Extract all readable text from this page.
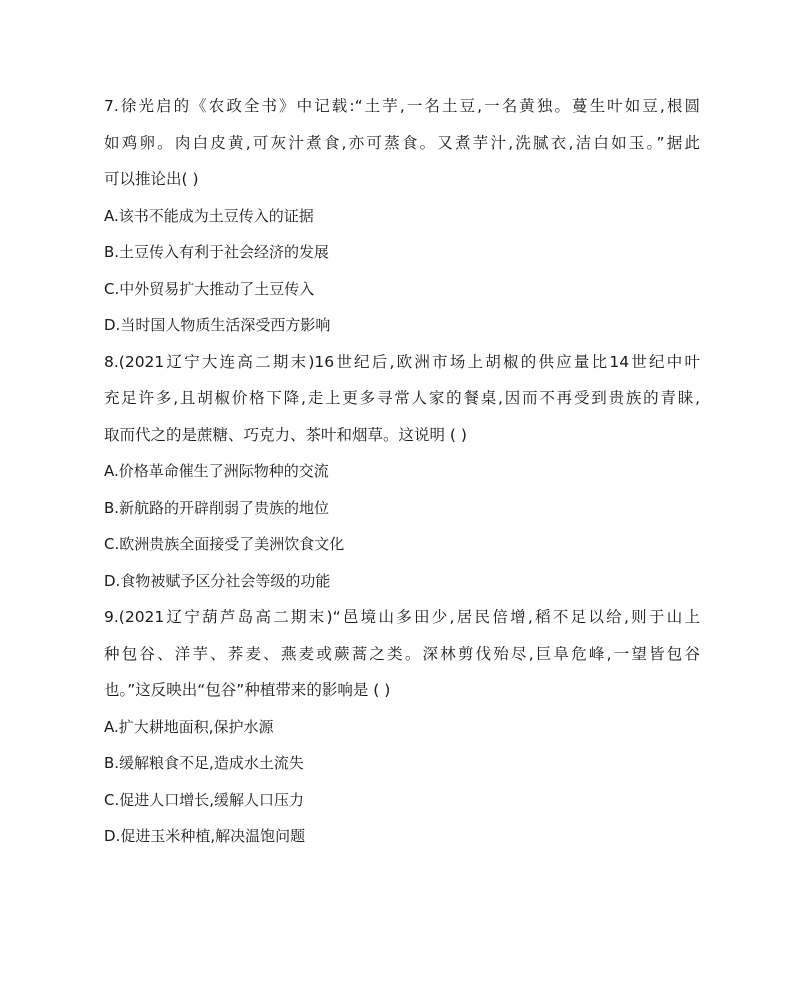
7.徐光启的《农政全书》中记载:“土芋,一名土豆,一名黄独。蔓生叶如豆,根圆
如鸡卵。肉白皮黄,可灰汁煮食,亦可蒸食。又煮芋汁,洗腻衣,洁白如玉。”据此
可以推论出( )
A.该书不能成为土豆传入的证据
B.土豆传入有利于社会经济的发展
C.中外贸易扩大推动了土豆传入
D.当时国人物质生活深受西方影响
8.(2021辽宁大连高二期末)16世纪后,欧洲市场上胡椒的供应量比14世纪中叶
充足许多,且胡椒价格下降,走上更多寻常人家的餐桌,因而不再受到贵族的青睐,
取而代之的是蔗糖、巧克力、茶叶和烟草。这说明 ( )
A.价格革命催生了洲际物种的交流
B.新航路的开辟削弱了贵族的地位
C.欧洲贵族全面接受了美洲饮食文化
D.食物被赋予区分社会等级的功能
9.(2021辽宁葫芦岛高二期末)“邑境山多田少,居民倍增,稻不足以给,则于山上
种包谷、洋芋、荞麦、燕麦或蕨蒿之类。深林剪伐殆尽,巨阜危峰,一望皆包谷
也。”这反映出“包谷”种植带来的影响是 ( )
A.扩大耕地面积,保护水源
B.缓解粮食不足,造成水土流失
C.促进人口增长,缓解人口压力
D.促进玉米种植,解决温饱问题
